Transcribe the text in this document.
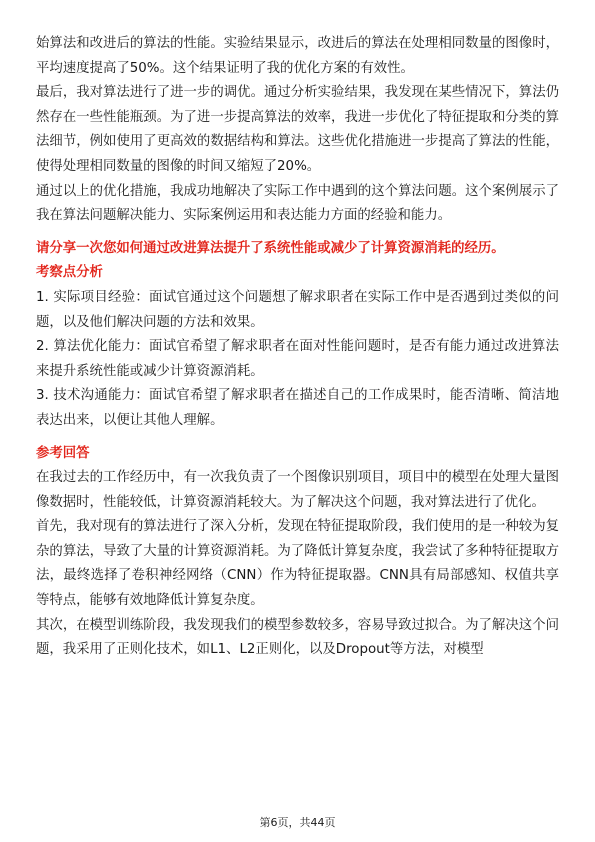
始算法和改进后的算法的性能。实验结果显示，改进后的算法在处理相同数量的图像时，平均速度提高了50%。这个结果证明了我的优化方案的有效性。

最后，我对算法进行了进一步的调优。通过分析实验结果，我发现在某些情况下，算法仍然存在一些性能瓶颈。为了进一步提高算法的效率，我进一步优化了特征提取和分类的算法细节，例如使用了更高效的数据结构和算法。这些优化措施进一步提高了算法的性能，使得处理相同数量的图像的时间又缩短了20%。

通过以上的优化措施，我成功地解决了实际工作中遇到的这个算法问题。这个案例展示了我在算法问题解决能力、实际案例运用和表达能力方面的经验和能力。

请分享一次您如何通过改进算法提升了系统性能或减少了计算资源消耗的经历。

考察点分析

1. 实际项目经验：面试官通过这个问题想了解求职者在实际工作中是否遇到过类似的问题，以及他们解决问题的方法和效果。

2. 算法优化能力：面试官希望了解求职者在面对性能问题时，是否有能力通过改进算法来提升系统性能或减少计算资源消耗。

3. 技术沟通能力：面试官希望了解求职者在描述自己的工作成果时，能否清晰、简洁地表达出来，以便让其他人理解。

参考回答

在我过去的工作经历中，有一次我负责了一个图像识别项目，项目中的模型在处理大量图像数据时，性能较低，计算资源消耗较大。为了解决这个问题，我对算法进行了优化。

首先，我对现有的算法进行了深入分析，发现在特征提取阶段，我们使用的是一种较为复杂的算法，导致了大量的计算资源消耗。为了降低计算复杂度，我尝试了多种特征提取方法，最终选择了卷积神经网络（CNN）作为特征提取器。CNN具有局部感知、权值共享等特点，能够有效地降低计算复杂度。

其次，在模型训练阶段，我发现我们的模型参数较多，容易导致过拟合。为了解决这个问题，我采用了正则化技术，如L1、L2正则化，以及Dropout等方法，对模型

第6页，共44页
